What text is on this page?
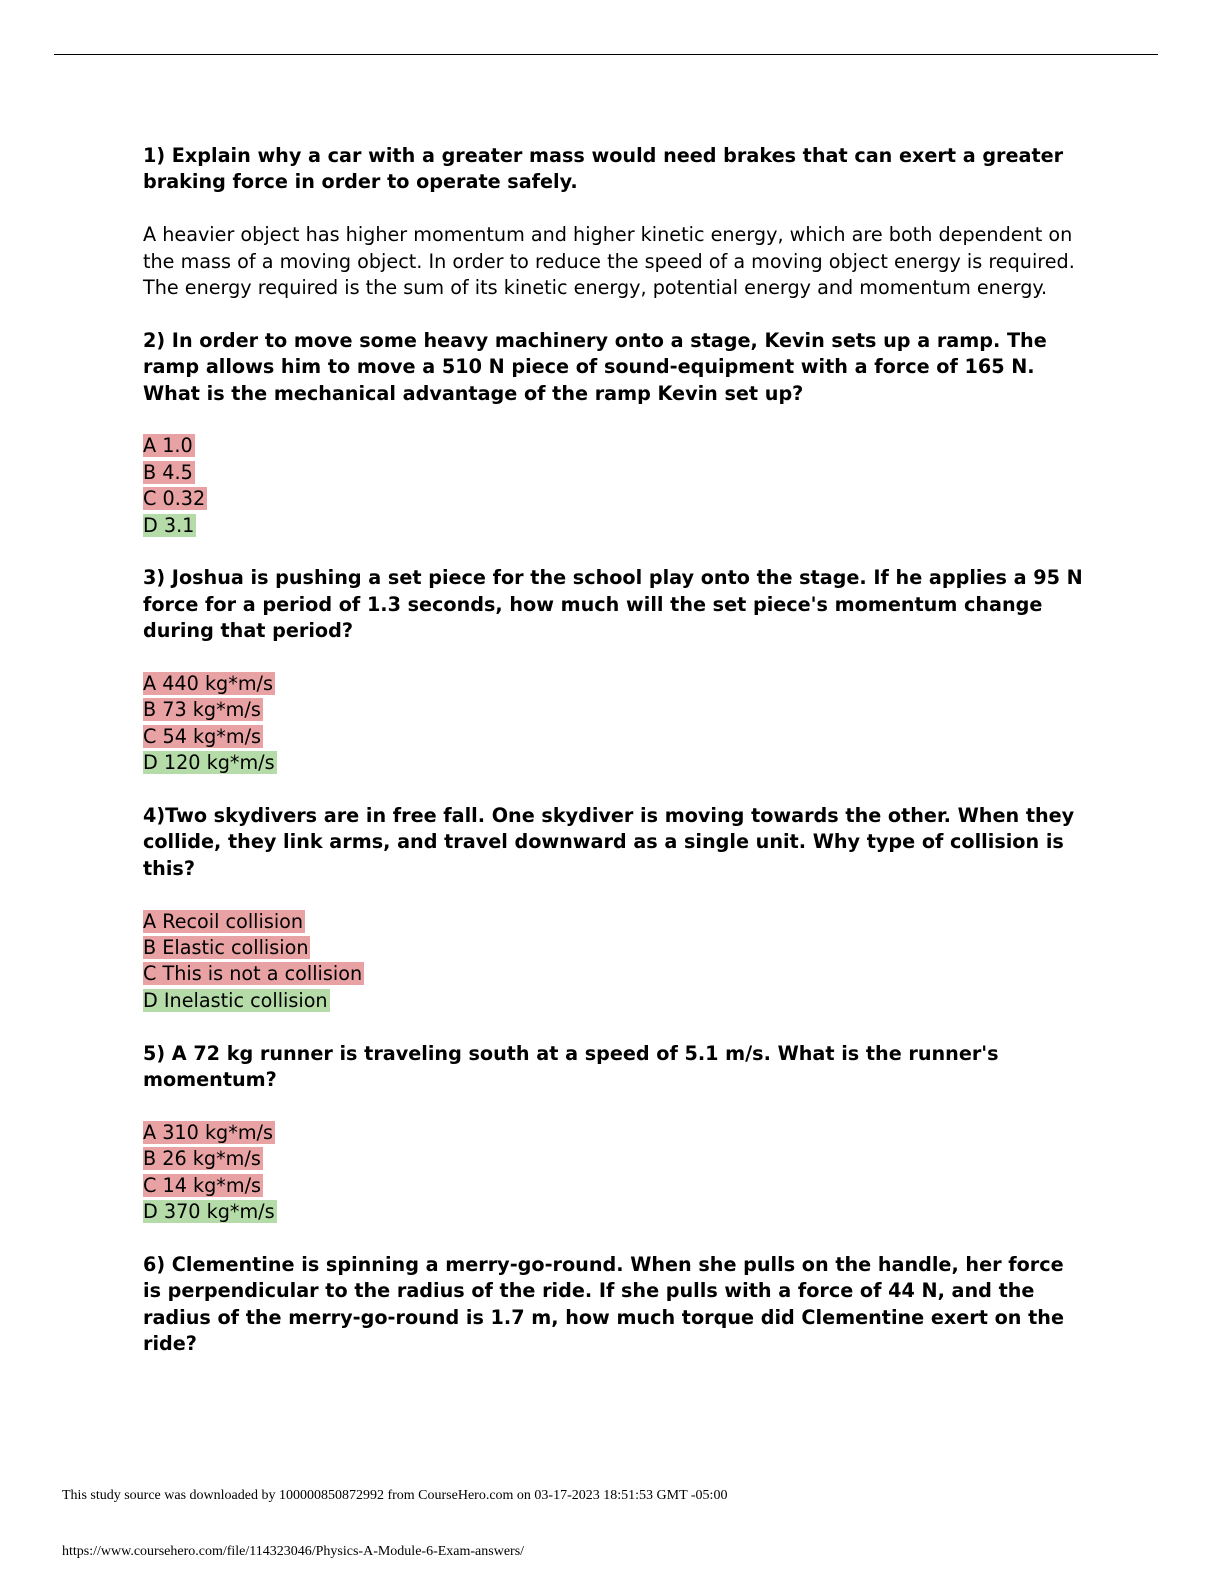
1) Explain why a car with a greater mass would need brakes that can exert a greater braking force in order to operate safely.

A heavier object has higher momentum and higher kinetic energy, which are both dependent on the mass of a moving object. In order to reduce the speed of a moving object energy is required. The energy required is the sum of its kinetic energy, potential energy and momentum energy.

2) In order to move some heavy machinery onto a stage, Kevin sets up a ramp. The ramp allows him to move a 510 N piece of sound-equipment with a force of 165 N. What is the mechanical advantage of the ramp Kevin set up?

A 1.0
B 4.5
C 0.32
D 3.1

3) Joshua is pushing a set piece for the school play onto the stage. If he applies a 95 N force for a period of 1.3 seconds, how much will the set piece's momentum change during that period?

A 440 kg*m/s
B 73 kg*m/s
C 54 kg*m/s
D 120 kg*m/s

4)Two skydivers are in free fall. One skydiver is moving towards the other. When they collide, they link arms, and travel downward as a single unit. Why type of collision is this?

A Recoil collision
B Elastic collision
C This is not a collision
D Inelastic collision

5) A 72 kg runner is traveling south at a speed of 5.1 m/s. What is the runner's momentum?

A 310 kg*m/s
B 26 kg*m/s
C 14 kg*m/s
D 370 kg*m/s

6) Clementine is spinning a merry-go-round. When she pulls on the handle, her force is perpendicular to the radius of the ride. If she pulls with a force of 44 N, and the radius of the merry-go-round is 1.7 m, how much torque did Clementine exert on the ride?

This study source was downloaded by 100000850872992 from CourseHero.com on 03-17-2023 18:51:53 GMT -05:00
https://www.coursehero.com/file/114323046/Physics-A-Module-6-Exam-answers/
